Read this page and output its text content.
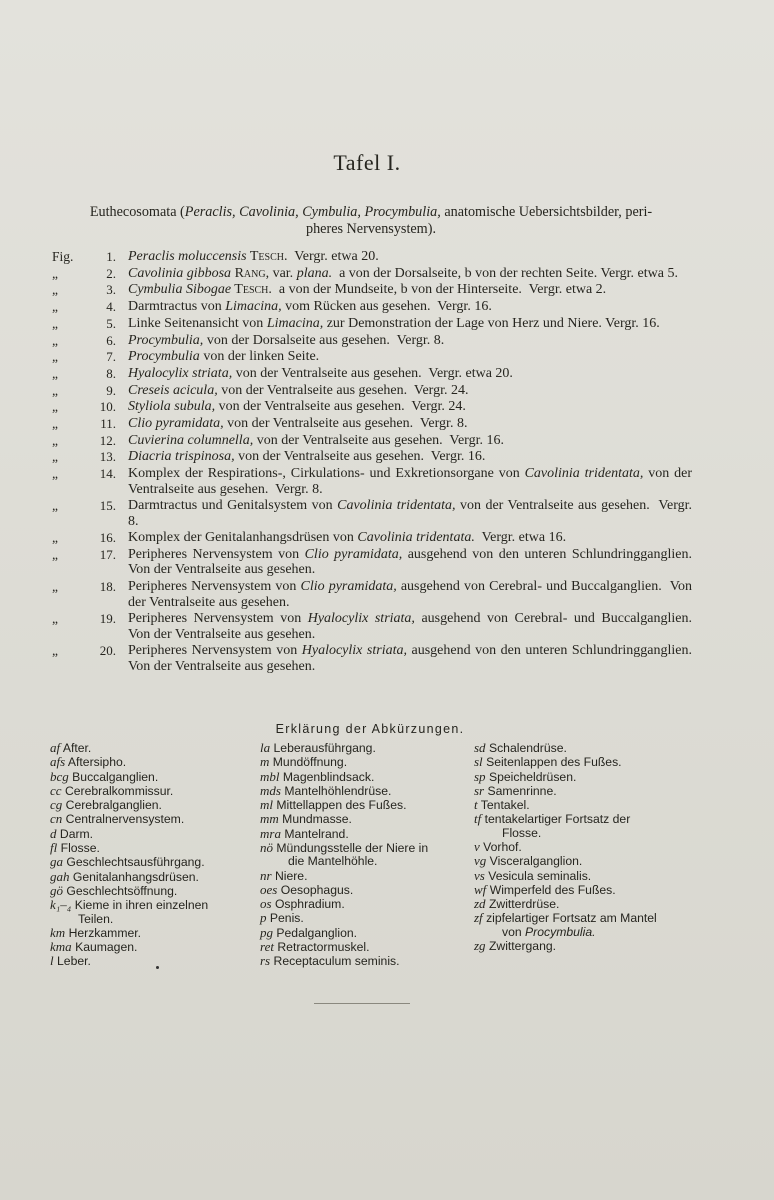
Tafel I.
Euthecosomata (Peraclis, Cavolinia, Cymbulia, Procymbulia, anatomische Uebersichtsbilder, peri-
pheres Nervensystem).
Fig.	1. Peraclis moluccensis Tesch.  Vergr. etwa 20.
„	2. Cavolinia gibbosa Rang, var. plana.  a von der Dorsalseite, b von der rechten Seite. Vergr. etwa 5.
„	3. Cymbulia Sibogae Tesch.  a von der Mundseite, b von der Hinterseite.  Vergr. etwa 2.
„	4. Darmtractus von Limacina, vom Rücken aus gesehen.  Vergr. 16.
„	5. Linke Seitenansicht von Limacina, zur Demonstration der Lage von Herz und Niere. Vergr. 16.
„	6. Procymbulia, von der Dorsalseite aus gesehen.  Vergr. 8.
„	7. Procymbulia von der linken Seite.
„	8. Hyalocylix striata, von der Ventralseite aus gesehen.  Vergr. etwa 20.
„	9. Creseis acicula, von der Ventralseite aus gesehen.  Vergr. 24.
„	10. Styliola subula, von der Ventralseite aus gesehen.  Vergr. 24.
„	11. Clio pyramidata, von der Ventralseite aus gesehen.  Vergr. 8.
„	12. Cuvierina columnella, von der Ventralseite aus gesehen.  Vergr. 16.
„	13. Diacria trispinosa, von der Ventralseite aus gesehen.  Vergr. 16.
„	14. Komplex der Respirations-, Cirkulations- und Exkretionsorgane von Cavolinia tridentata, von der Ventralseite aus gesehen.  Vergr. 8.
„	15. Darmtractus und Genitalsystem von Cavolinia tridentata, von der Ventralseite aus gesehen.  Vergr. 8.
„	16. Komplex der Genitalanhangsdrüsen von Cavolinia tridentata.  Vergr. etwa 16.
„	17. Peripheres Nervensystem von Clio pyramidata, ausgehend von den unteren Schlundringganglien.  Von der Ventralseite aus gesehen.
„	18. Peripheres Nervensystem von Clio pyramidata, ausgehend von Cerebral- und Buccalganglien.  Von der Ventralseite aus gesehen.
„	19. Peripheres Nervensystem von Hyalocylix striata, ausgehend von Cerebral- und Buccalganglien.  Von der Ventralseite aus gesehen.
„	20. Peripheres Nervensystem von Hyalocylix striata, ausgehend von den unteren Schlundringganglien.  Von der Ventralseite aus gesehen.
Erklärung der Abkürzungen.
af After.
afs Aftersipho.
bcg Buccalganglien.
cc Cerebralkommissur.
cg Cerebralganglien.
cn Centralnervensystem.
d Darm.
fl Flosse.
ga Geschlechtsausführgang.
gah Genitalanhangsdrüsen.
gö Geschlechtsöffnung.
k₁–₄ Kieme in ihren einzelnen
Teilen.
km Herzkammer.
kma Kaumagen.
l Leber.
la Leberausführgang.
m Mundöffnung.
mbl Magenblindsack.
mds Mantelhöhlendrüse.
ml Mittellappen des Fußes.
mm Mundmasse.
mra Mantelrand.
nö Mündungsstelle der Niere in
die Mantelhöhle.
nr Niere.
oes Oesophagus.
os Osphradium.
p Penis.
pg Pedalganglion.
ret Retractormuskel.
rs Receptaculum seminis.
sd Schalendrüse.
sl Seitenlappen des Fußes.
sp Speicheldrüsen.
sr Samenrinne.
t Tentakel.
tf tentakelartiger Fortsatz der
Flosse.
v Vorhof.
vg Visceralganglion.
vs Vesicula seminalis.
wf Wimperfeld des Fußes.
zd Zwitterdrüse.
zf zipfelartiger Fortsatz am Mantel
von Procymbulia.
zg Zwittergang.
